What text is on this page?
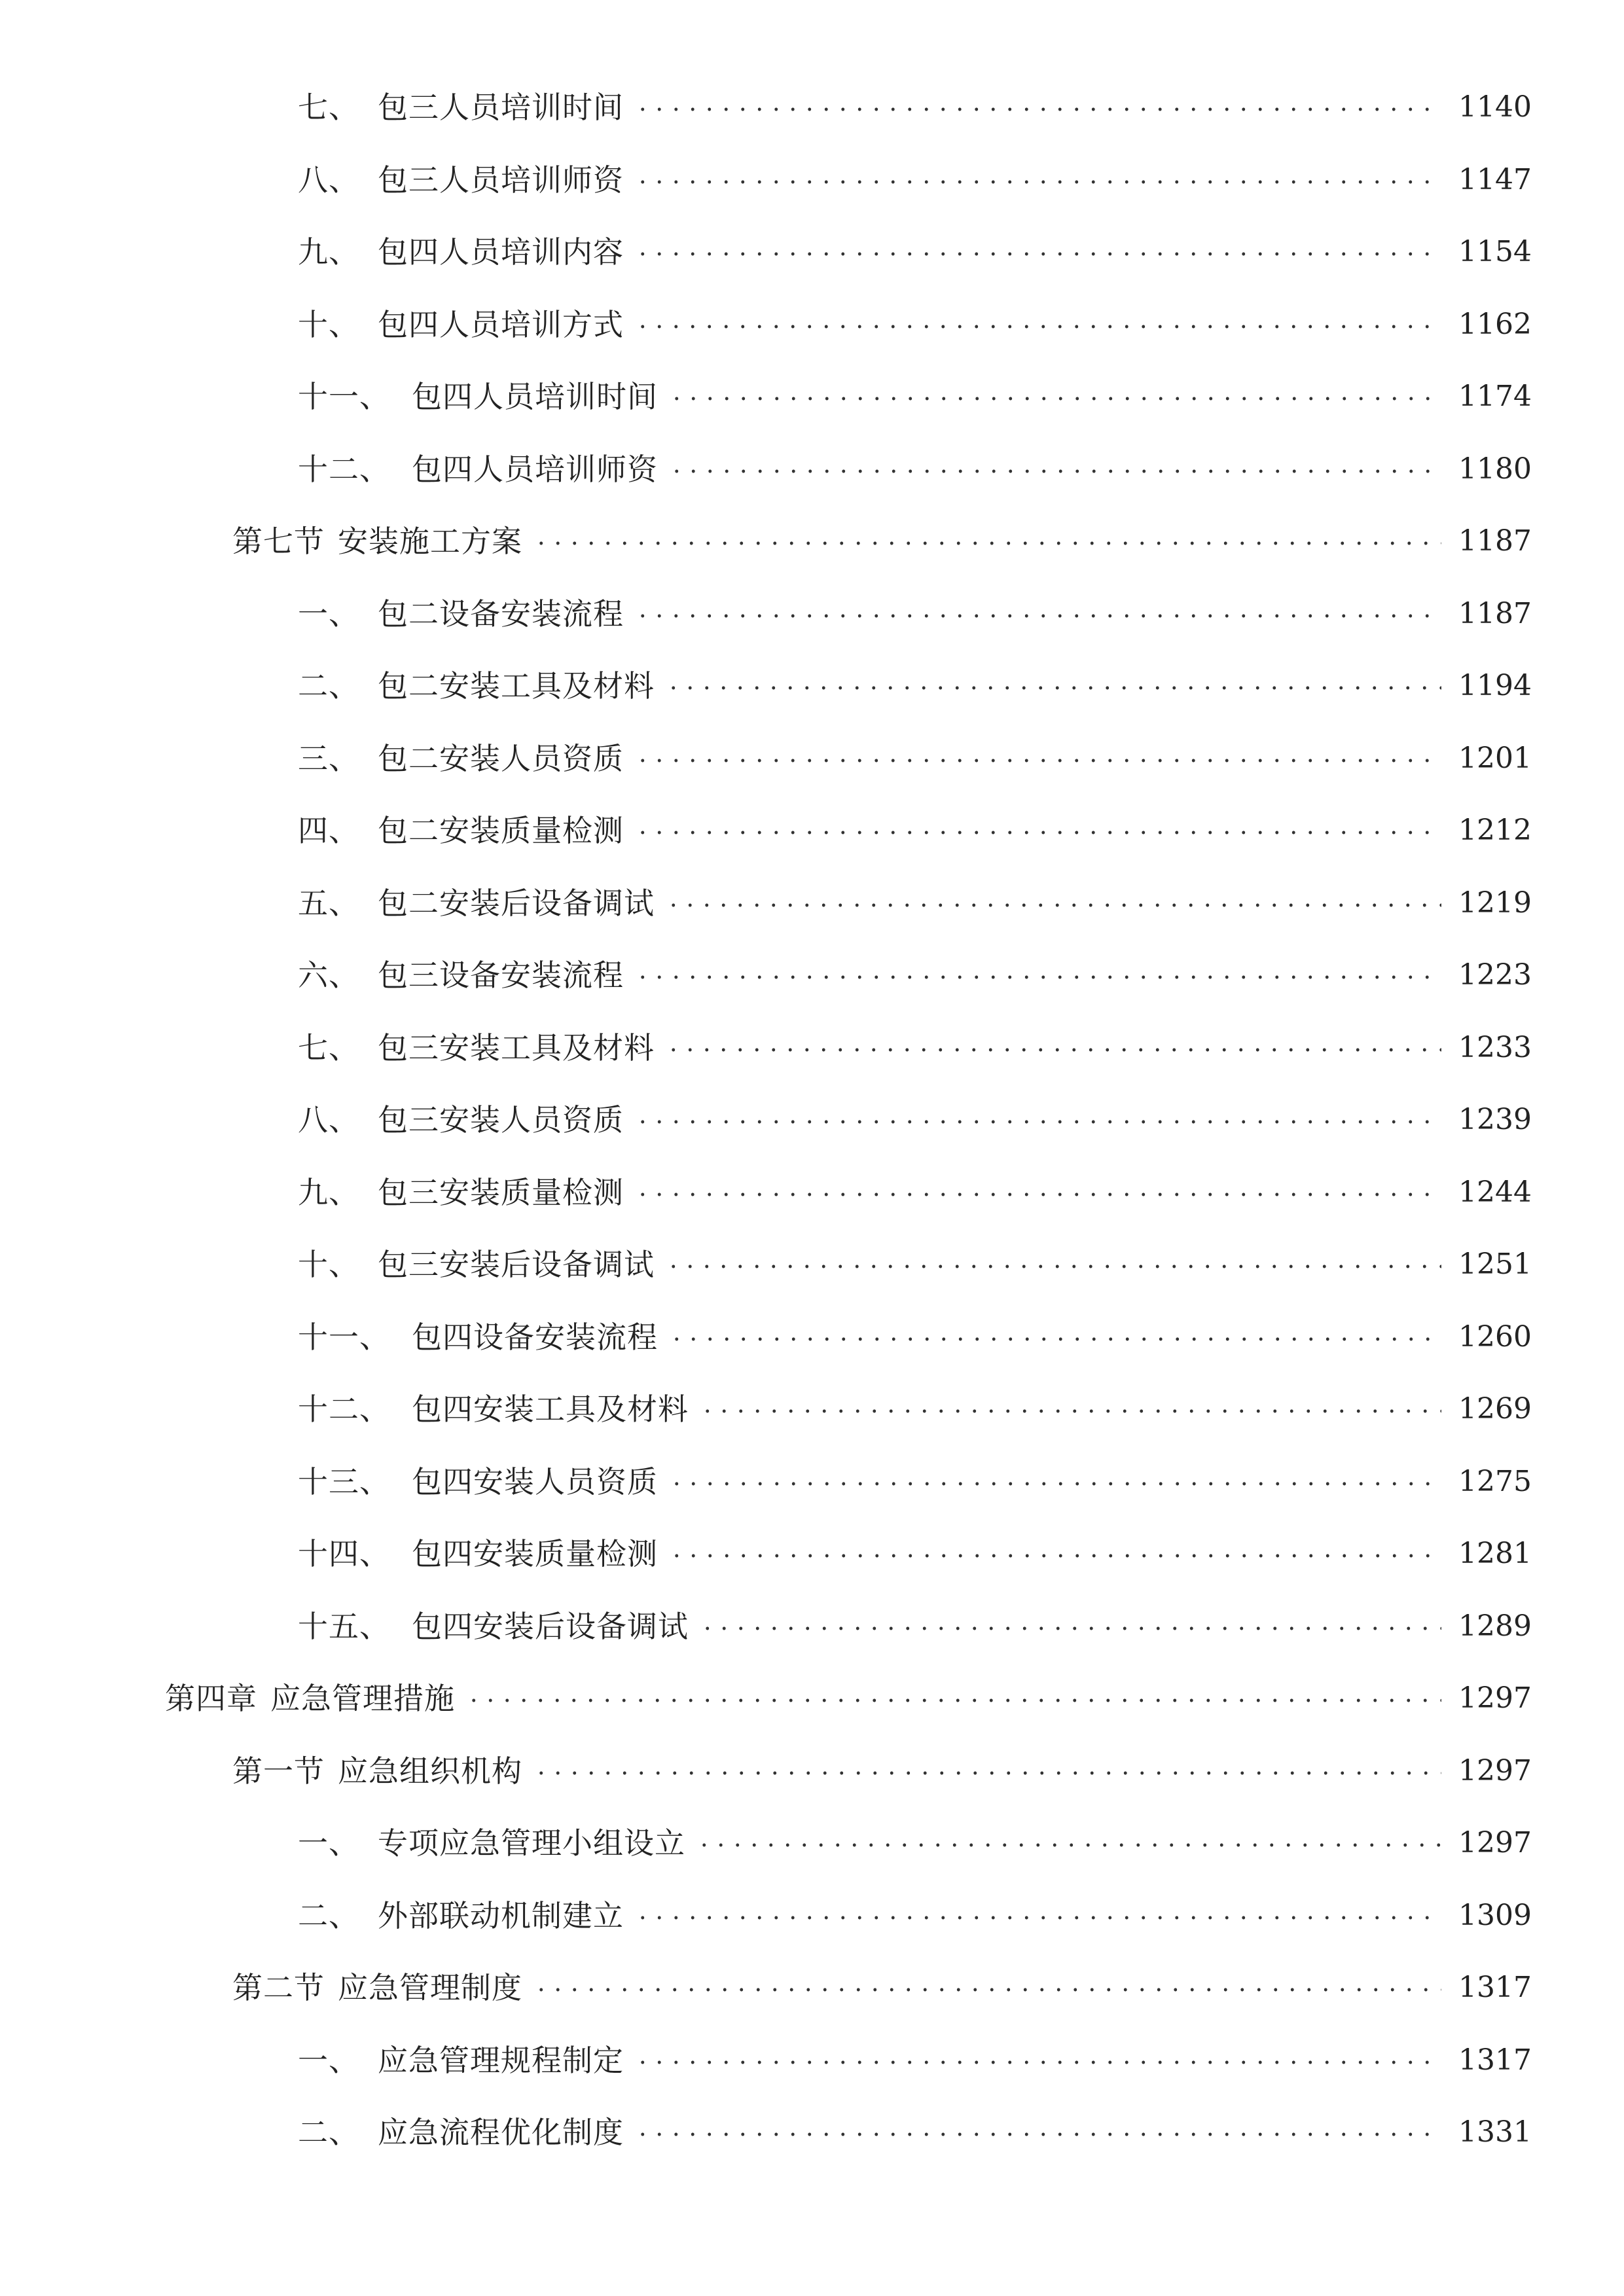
七、 包三人员培训时间	1140
八、 包三人员培训师资	1147
九、 包四人员培训内容	1154
十、 包四人员培训方式	1162
十一、 包四人员培训时间	1174
十二、 包四人员培训师资	1180
第七节 安装施工方案	1187
一、 包二设备安装流程	1187
二、 包二安装工具及材料	1194
三、 包二安装人员资质	1201
四、 包二安装质量检测	1212
五、 包二安装后设备调试	1219
六、 包三设备安装流程	1223
七、 包三安装工具及材料	1233
八、 包三安装人员资质	1239
九、 包三安装质量检测	1244
十、 包三安装后设备调试	1251
十一、 包四设备安装流程	1260
十二、 包四安装工具及材料	1269
十三、 包四安装人员资质	1275
十四、 包四安装质量检测	1281
十五、 包四安装后设备调试	1289
第四章 应急管理措施	1297
第一节 应急组织机构	1297
一、 专项应急管理小组设立	1297
二、 外部联动机制建立	1309
第二节 应急管理制度	1317
一、 应急管理规程制定	1317
二、 应急流程优化制度	1331
